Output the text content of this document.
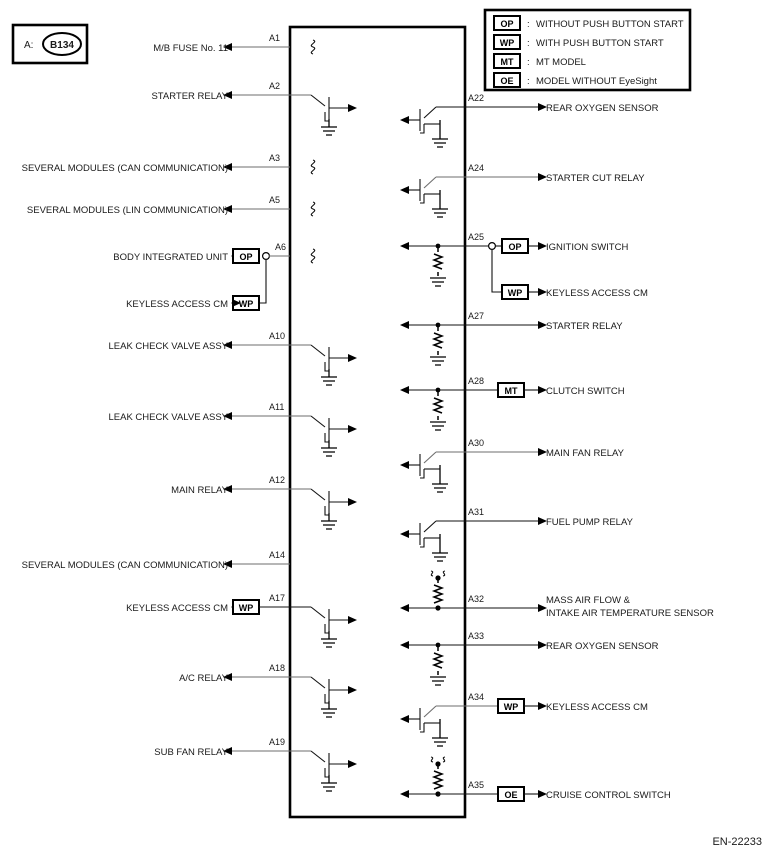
A: B134
OP : WITHOUT PUSH BUTTON START
WP : WITH PUSH BUTTON START
MT : MT MODEL
OE : MODEL WITHOUT EyeSight
M/B FUSE No. 11
A1
STARTER RELAY
A2
SEVERAL MODULES (CAN COMMUNICATION)
A3
SEVERAL MODULES (LIN COMMUNICATION)
A5
BODY INTEGRATED UNIT OP
A6
WP
KEYLESS ACCESS CM
LEAK CHECK VALVE ASSY
A10
LEAK CHECK VALVE ASSY
A11
MAIN RELAY
A12
SEVERAL MODULES (CAN COMMUNICATION)
A14
KEYLESS ACCESS CM WP
A17
A/C RELAY
A18
SUB FAN RELAY
A19
A22
REAR OXYGEN SENSOR
A24
STARTER CUT RELAY
A25
OP	IGNITION SWITCH
WP	KEYLESS ACCESS CM
A27
STARTER RELAY
A28
MT	CLUTCH SWITCH
A30
MAIN FAN RELAY
A31
FUEL PUMP RELAY
A32	MASS AIR FLOW &
INTAKE AIR TEMPERATURE SENSOR
A33
REAR OXYGEN SENSOR
A34
WP	KEYLESS ACCESS CM
A35
OE	CRUISE CONTROL SWITCH
EN-22233
